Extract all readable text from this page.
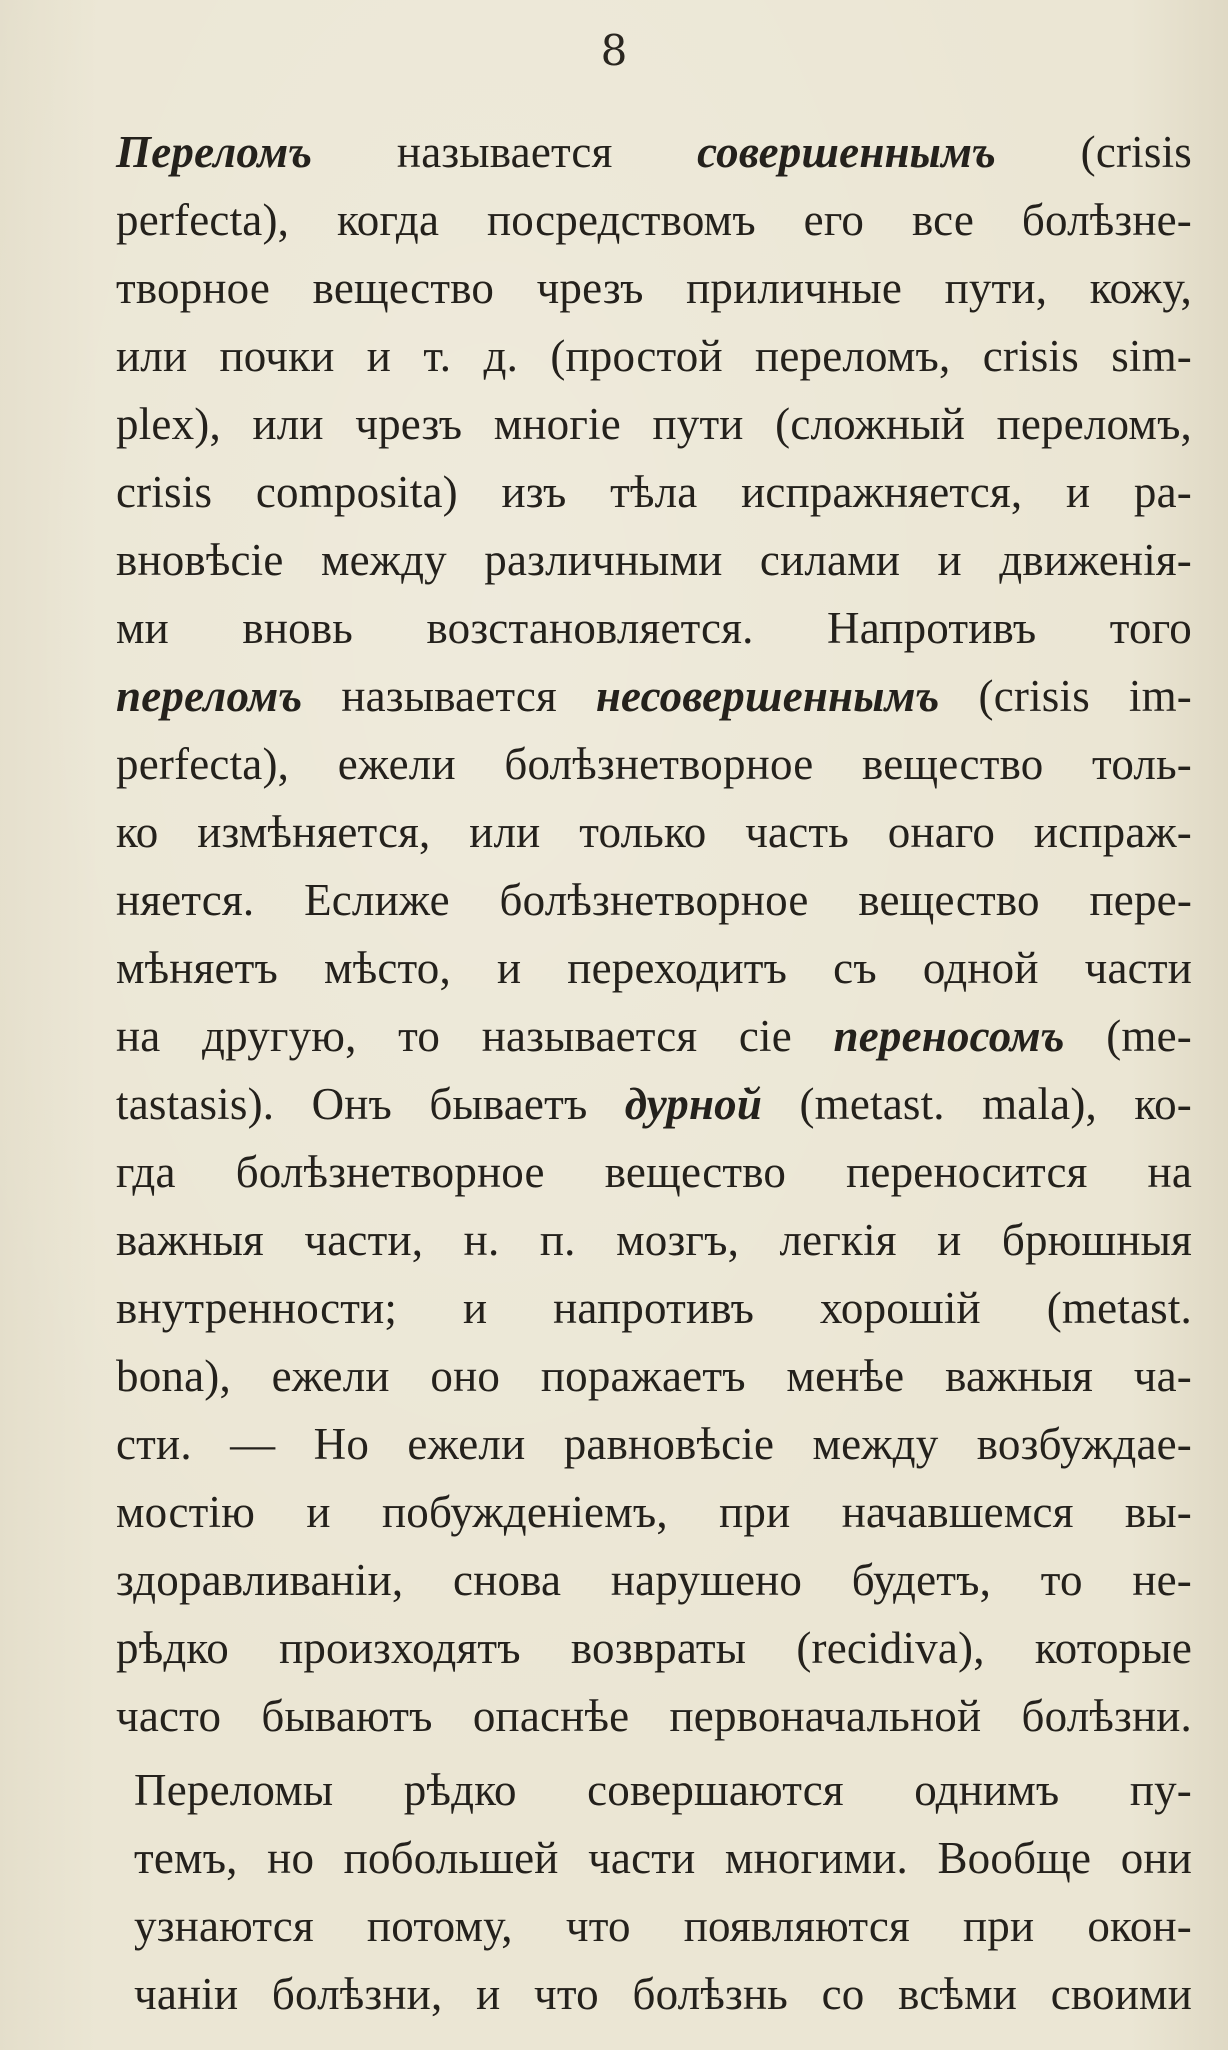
8
Переломъ называется совершеннымъ (crisis
perfecta), когда посредствомъ его все болѣзне-
творное вещество чрезъ приличные пути, кожу,
или почки и т. д. (простой переломъ, crisis sim-
plex), или чрезъ многіе пути (сложный переломъ,
crisis composita) изъ тѣла испражняется, и ра-
вновѣсіе между различными силами и движенія-
ми вновь возстановляется. Напротивъ того
переломъ называется несовершеннымъ (crisis im-
perfecta), ежели болѣзнетворное вещество толь-
ко измѣняется, или только часть онаго испраж-
няется. Еслиже болѣзнетворное вещество пере-
мѣняетъ мѣсто, и переходитъ съ одной части
на другую, то называется сіе переносомъ (me-
tastasis). Онъ бываетъ дурной (metast. mala), ко-
гда болѣзнетворное вещество переносится на
важныя части, н. п. мозгъ, легкія и брюшныя
внутренности; и напротивъ хорошій (metast.
bona), ежели оно поражаетъ менѣе важныя ча-
сти. — Но ежели равновѣсіе между возбуждае-
мостію и побужденіемъ, при начавшемся вы-
здоравливаніи, снова нарушено будетъ, то не-
рѣдко произходятъ возвраты (recidiva), которые
часто бываютъ опаснѣе первоначальной болѣзни.
Переломы рѣдко совершаются однимъ пу-
темъ, но побольшей части многими. Вообще они
узнаются потому, что появляются при окон-
чаніи болѣзни, и что болѣзнь со всѣми своими
